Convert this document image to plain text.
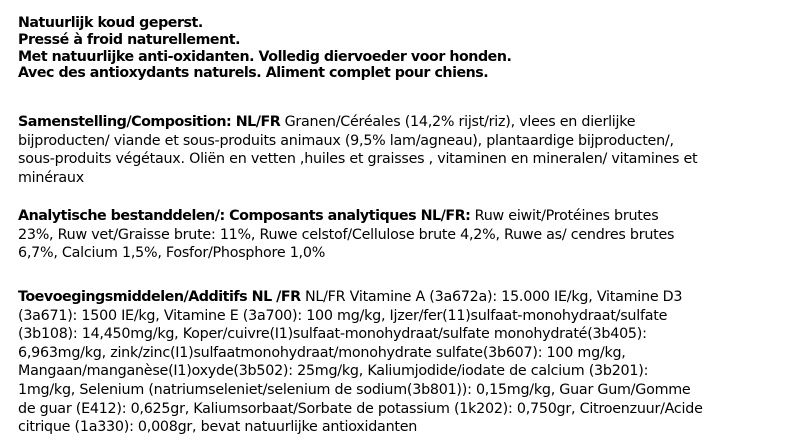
Natuurlijk koud geperst.
Pressé à froid naturellement.
Met natuurlijke anti-oxidanten. Volledig diervoeder voor honden.
Avec des antioxydants naturels. Aliment complet pour chiens.
Samenstelling/Composition: NL/FR Granen/Céréales (14,2% rijst/riz), vlees en dierlijke
bijproducten/ viande et sous-produits animaux (9,5% lam/agneau), plantaardige bijproducten/,
sous-produits végétaux. Oliën en vetten ,huiles et graisses , vitaminen en mineralen/ vitamines et
minéraux
Analytische bestanddelen/: Composants analytiques NL/FR: Ruw eiwit/Protéines brutes
23%, Ruw vet/Graisse brute: 11%, Ruwe celstof/Cellulose brute 4,2%, Ruwe as/ cendres brutes
6,7%, Calcium 1,5%, Fosfor/Phosphore 1,0%
Toevoegingsmiddelen/Additifs NL /FR NL/FR Vitamine A (3a672a): 15.000 IE/kg, Vitamine D3
(3a671): 1500 IE/kg, Vitamine E (3a700): 100 mg/kg, Ijzer/fer(11)sulfaat-monohydraat/sulfate
(3b108): 14,450mg/kg, Koper/cuivre(I1)sulfaat-monohydraat/sulfate monohydraté(3b405):
6,963mg/kg, zink/zinc(I1)sulfaatmonohydraat/monohydrate sulfate(3b607): 100 mg/kg,
Mangaan/manganèse(I1)oxyde(3b502): 25mg/kg, Kaliumjodide/iodate de calcium (3b201):
1mg/kg, Selenium (natriumseleniet/selenium de sodium(3b801)): 0,15mg/kg, Guar Gum/Gomme
de guar (E412): 0,625gr, Kaliumsorbaat/Sorbate de potassium (1k202): 0,750gr, Citroenzuur/Acide
citrique (1a330): 0,008gr, bevat natuurlijke antioxidanten
